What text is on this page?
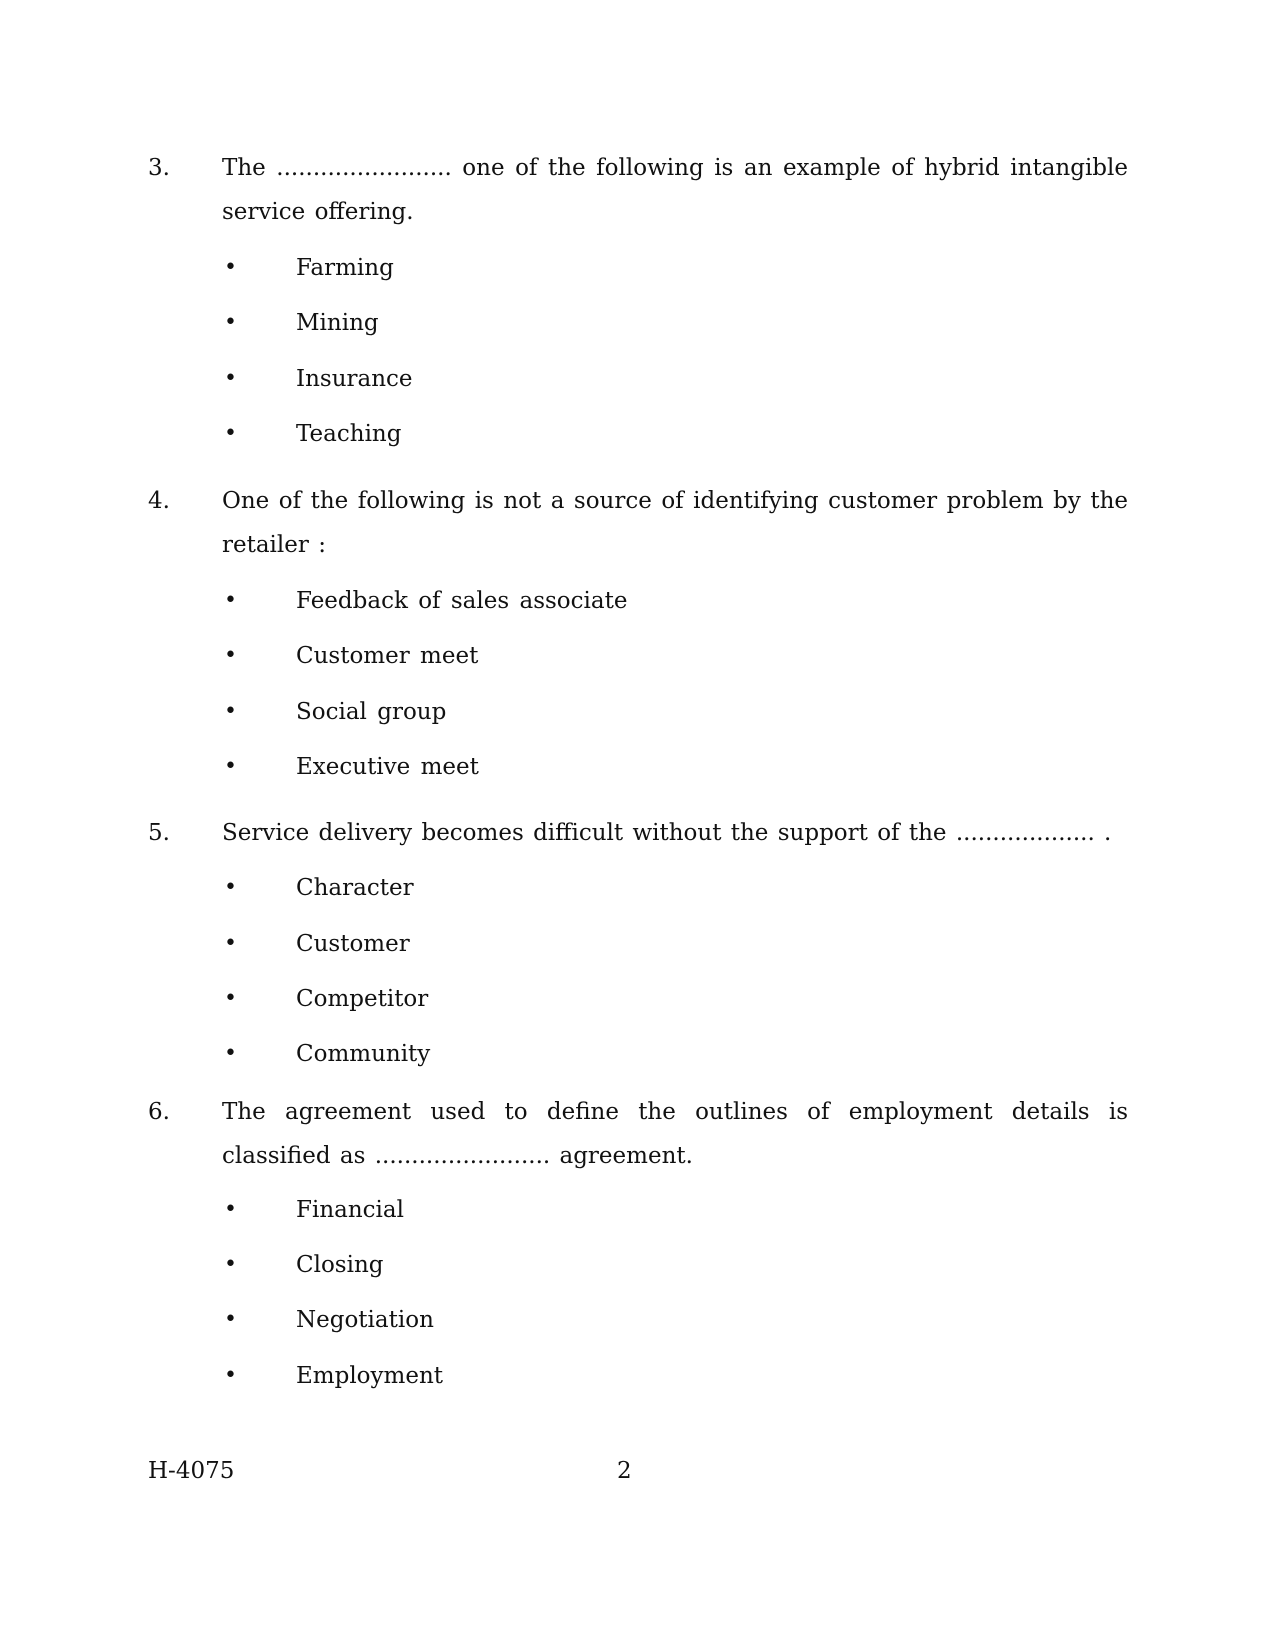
3. The ........................ one of the following is an example of hybrid intangible service offering.
•	Farming
•	Mining
•	Insurance
•	Teaching
4. One of the following is not a source of identifying customer problem by the retailer :
•	Feedback of sales associate
•	Customer meet
•	Social group
•	Executive meet
5. Service delivery becomes difficult without the support of the ................... .
•	Character
•	Customer
•	Competitor
•	Community
6. The agreement used to define the outlines of employment details is classified as ........................ agreement.
•	Financial
•	Closing
•	Negotiation
•	Employment
H-4075	2
